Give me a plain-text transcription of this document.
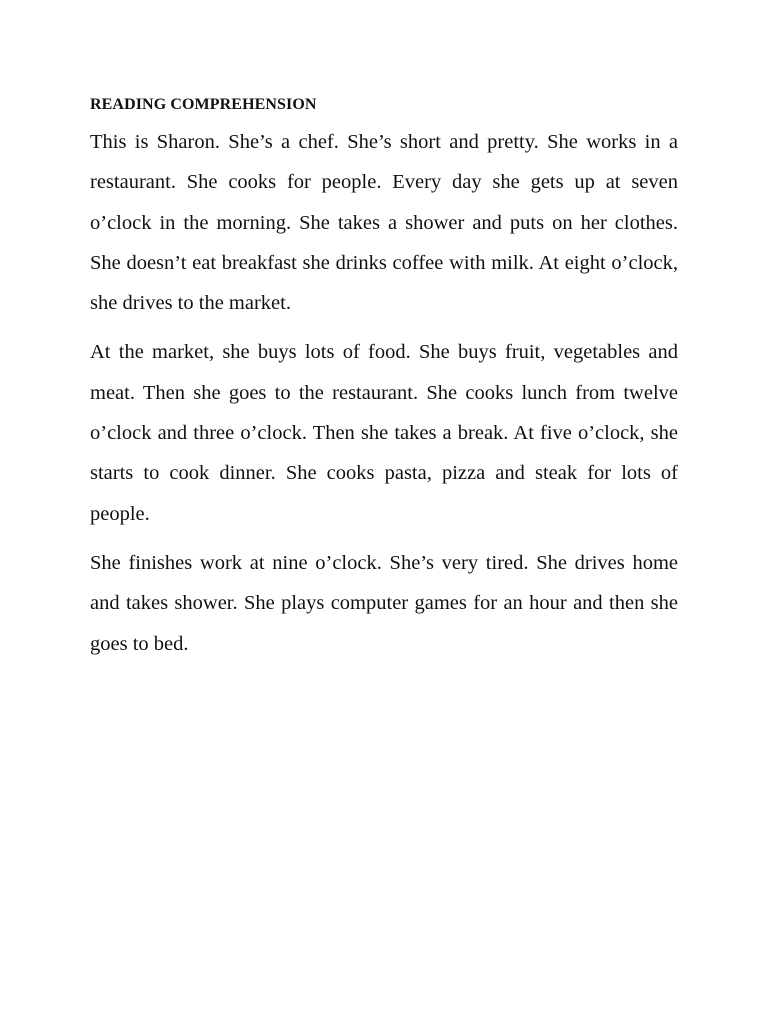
READING COMPREHENSION

This is Sharon. She’s a chef. She’s short and pretty. She works in a restaurant. She cooks for people. Every day she gets up at seven o’clock in the morning. She takes a shower and puts on her clothes. She doesn’t eat breakfast she drinks coffee with milk. At eight o’clock, she drives to the market.

At the market, she buys lots of food. She buys fruit, vegetables and meat. Then she goes to the restaurant. She cooks lunch from twelve o’clock and three o’clock. Then she takes a break. At five o’clock, she starts to cook dinner. She cooks pasta, pizza and steak for lots of people.

She finishes work at nine o’clock. She’s very tired. She drives home and takes shower. She plays computer games for an hour and then she goes to bed.
